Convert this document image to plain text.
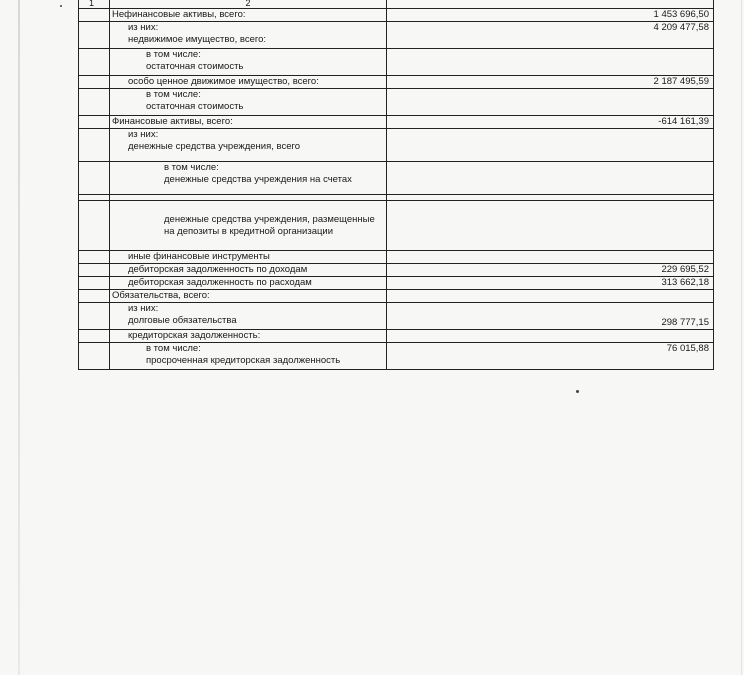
1	2	

	Нефинансовые активы, всего:	1 453 696,50

	из них:
недвижимое имущество, всего:	4 209 477,58

	в том числе:
остаточная стоимость	

	особо ценное движимое имущество, всего:	2 187 495,59

	в том числе:
остаточная стоимость	

	Финансовые активы, всего:	-614 161,39

	из них:
денежные средства учреждения, всего	

	в том числе:
денежные средства учреждения на счетах	

	денежные средства учреждения, размещенные
на депозиты в кредитной организации	

	иные финансовые инструменты	

	дебиторская задолженность по доходам	229 695,52

	дебиторская задолженность по расходам	313 662,18

	Обязательства, всего:	

	из них:
долговые обязательства	298 777,15

	кредиторская задолженность:	

	в том числе:
просроченная кредиторская задолженность	76 015,88
